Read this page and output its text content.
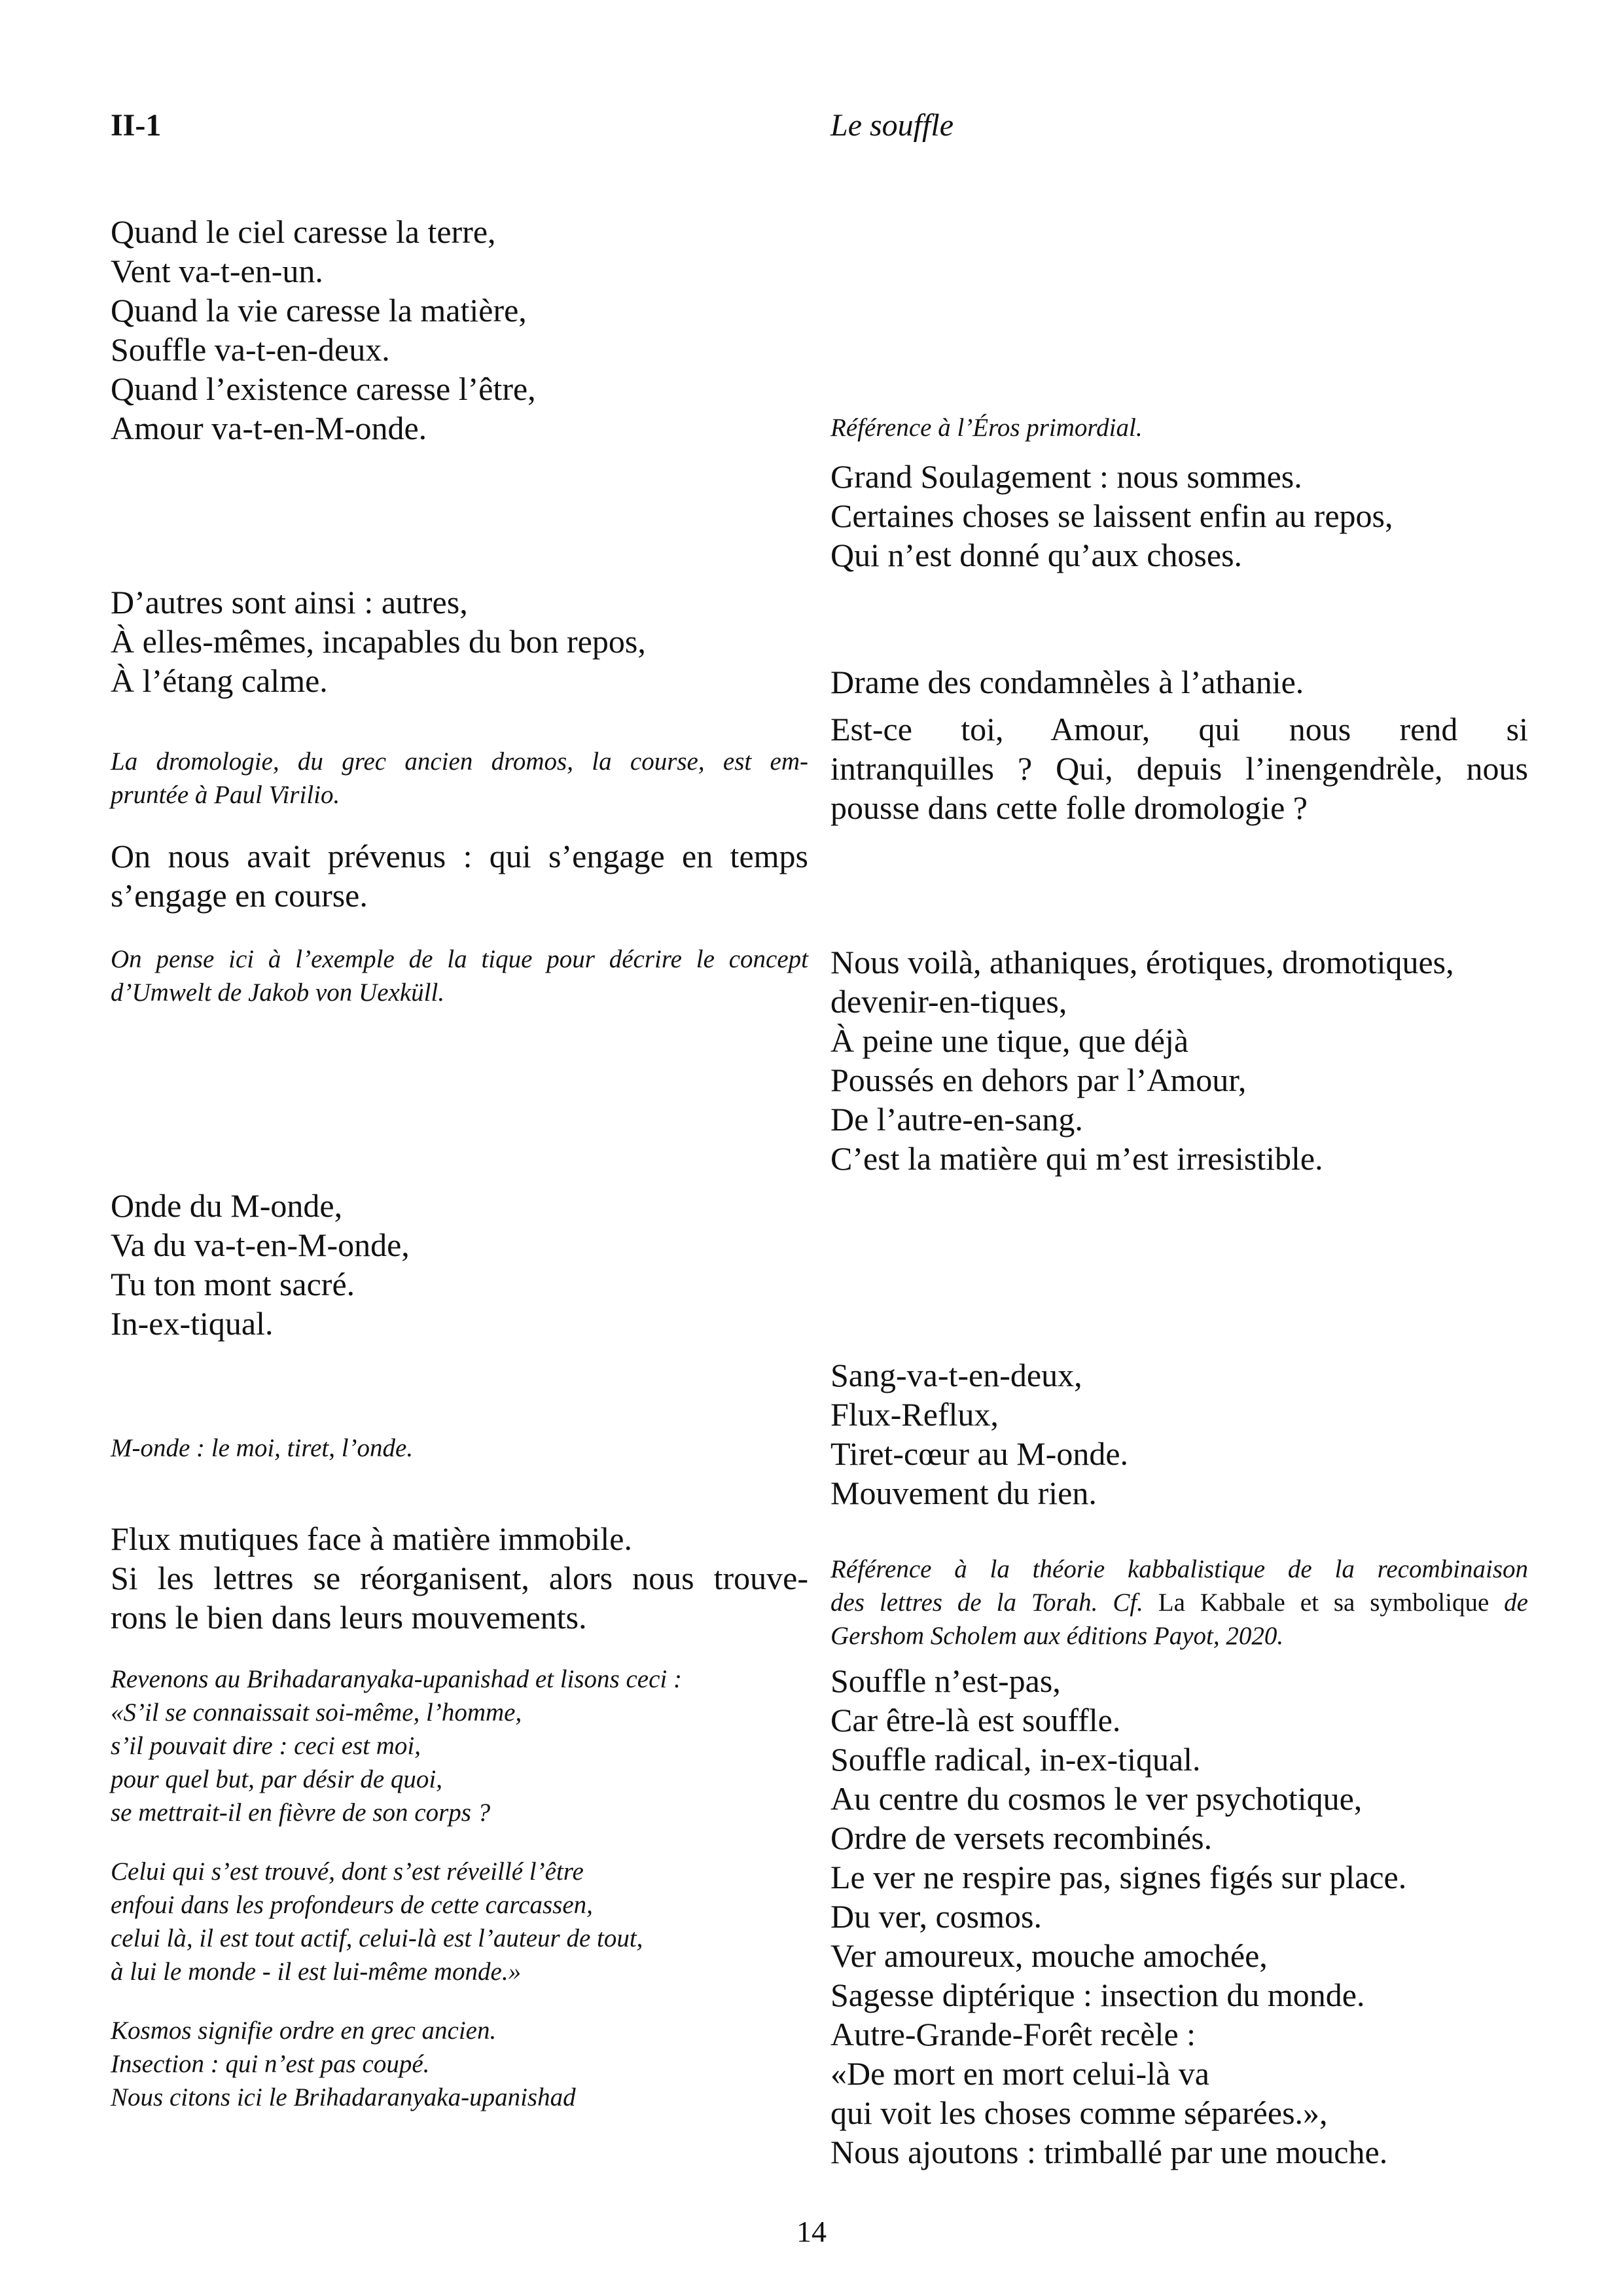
II-1	Le souffle
Quand le ciel caresse la terre,
Vent va-t-en-un.
Quand la vie caresse la matière,
Souffle va-t-en-deux.
Quand l’existence caresse l’être,
Amour va-t-en-M-onde.
D’autres sont ainsi : autres,
À elles-mêmes, incapables du bon repos,
À l’étang calme.
La dromologie, du grec ancien dromos, la course, est em-
pruntée à Paul Virilio.
On nous avait prévenus : qui s’engage en temps
s’engage en course.
On pense ici à l’exemple de la tique pour décrire le concept
d’Umwelt de Jakob von Uexküll.
Onde du M-onde,
Va du va-t-en-M-onde,
Tu ton mont sacré.
In-ex-tiqual.
M-onde : le moi, tiret, l’onde.
Flux mutiques face à matière immobile.
Si les lettres se réorganisent, alors nous trouve-
rons le bien dans leurs mouvements.
Revenons au Brihadaranyaka-upanishad et lisons ceci :
«S’il se connaissait soi-même, l’homme,
s’il pouvait dire : ceci est moi,
pour quel but, par désir de quoi,
se mettrait-il en fièvre de son corps ?
Celui qui s’est trouvé, dont s’est réveillé l’être
enfoui dans les profondeurs de cette carcassen,
celui là, il est tout actif, celui-là est l’auteur de tout,
à lui le monde - il est lui-même monde.»
Kosmos signifie ordre en grec ancien.
Insection : qui n’est pas coupé.
Nous citons ici le Brihadaranyaka-upanishad
Référence à l’Éros primordial.
Grand Soulagement : nous sommes.
Certaines choses se laissent enfin au repos,
Qui n’est donné qu’aux choses.
Drame des condamnèles à l’athanie.
Est-ce toi, Amour, qui nous rend si
intranquilles ? Qui, depuis l’inengendrèle, nous
pousse dans cette folle dromologie ?
Nous voilà, athaniques, érotiques, dromotiques,
devenir-en-tiques,
À peine une tique, que déjà
Poussés en dehors par l’Amour,
De l’autre-en-sang.
C’est la matière qui m’est irresistible.
Sang-va-t-en-deux,
Flux-Reflux,
Tiret-cœur au M-onde.
Mouvement du rien.
Référence à la théorie kabbalistique de la recombinaison
des lettres de la Torah. Cf. La Kabbale et sa symbolique de
Gershom Scholem aux éditions Payot, 2020.
Souffle n’est-pas,
Car être-là est souffle.
Souffle radical, in-ex-tiqual.
Au centre du cosmos le ver psychotique,
Ordre de versets recombinés.
Le ver ne respire pas, signes figés sur place.
Du ver, cosmos.
Ver amoureux, mouche amochée,
Sagesse diptérique : insection du monde.
Autre-Grande-Forêt recèle :
«De mort en mort celui-là va
qui voit les choses comme séparées.»,
Nous ajoutons : trimballé par une mouche.
14
